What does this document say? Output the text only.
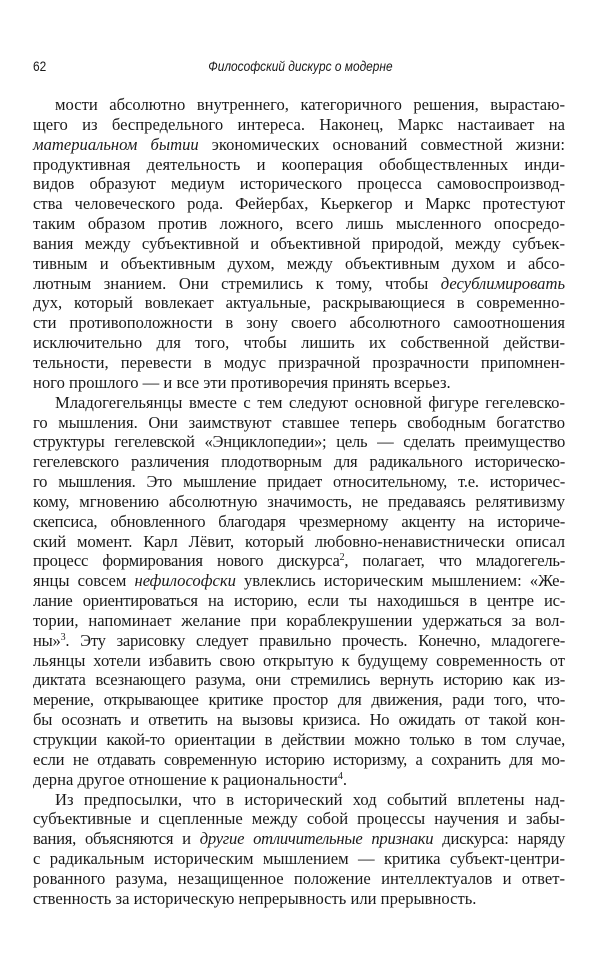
62	Философский дискурс о модерне
мости абсолютно внутреннего, категоричного решения, вырастаю-
щего из беспредельного интереса. Наконец, Маркс настаивает на
материальном бытии экономических оснований совместной жизни:
продуктивная деятельность и кооперация обобществленных инди-
видов образуют медиум исторического процесса самовоспроизвод-
ства человеческого рода. Фейербах, Кьеркегор и Маркс протестуют
таким образом против ложного, всего лишь мысленного опосредо-
вания между субъективной и объективной природой, между субъек-
тивным и объективным духом, между объективным духом и абсо-
лютным знанием. Они стремились к тому, чтобы десублимировать
дух, который вовлекает актуальные, раскрывающиеся в современно-
сти противоположности в зону своего абсолютного самоотношения
исключительно для того, чтобы лишить их собственной действи-
тельности, перевести в модус призрачной прозрачности припомнен-
ного прошлого — и все эти противоречия принять всерьез.
Младогегельянцы вместе с тем следуют основной фигуре гегелевско-
го мышления. Они заимствуют ставшее теперь свободным богатство
структуры гегелевской «Энциклопедии»; цель — сделать преимущество
гегелевского различения плодотворным для радикального историческо-
го мышления. Это мышление придает относительному, т.е. историчес-
кому, мгновению абсолютную значимость, не предаваясь релятивизму
скепсиса, обновленного благодаря чрезмерному акценту на историче-
ский момент. Карл Лёвит, который любовно-ненавистнически описал
процесс формирования нового дискурса$^2$, полагает, что младогегель-
янцы совсем нефилософски увлеклись историческим мышлением: «Же-
лание ориентироваться на историю, если ты находишься в центре ис-
тории, напоминает желание при кораблекрушении удержаться за вол-
ны»$^3$. Эту зарисовку следует правильно прочесть. Конечно, младогеге-
льянцы хотели избавить свою открытую к будущему современность от
диктата всезнающего разума, они стремились вернуть историю как из-
мерение, открывающее критике простор для движения, ради того, что-
бы осознать и ответить на вызовы кризиса. Но ожидать от такой кон-
струкции какой-то ориентации в действии можно только в том случае,
если не отдавать современную историю историзму, а сохранить для мо-
дерна другое отношение к рациональности$^4$.
Из предпосылки, что в исторический ход событий вплетены над-
субъективные и сцепленные между собой процессы научения и забы-
вания, объясняются и другие отличительные признаки дискурса: наряду
с радикальным историческим мышлением — критика субъект-центри-
рованного разума, незащищенное положение интеллектуалов и ответ-
ственность за историческую непрерывность или прерывность.
